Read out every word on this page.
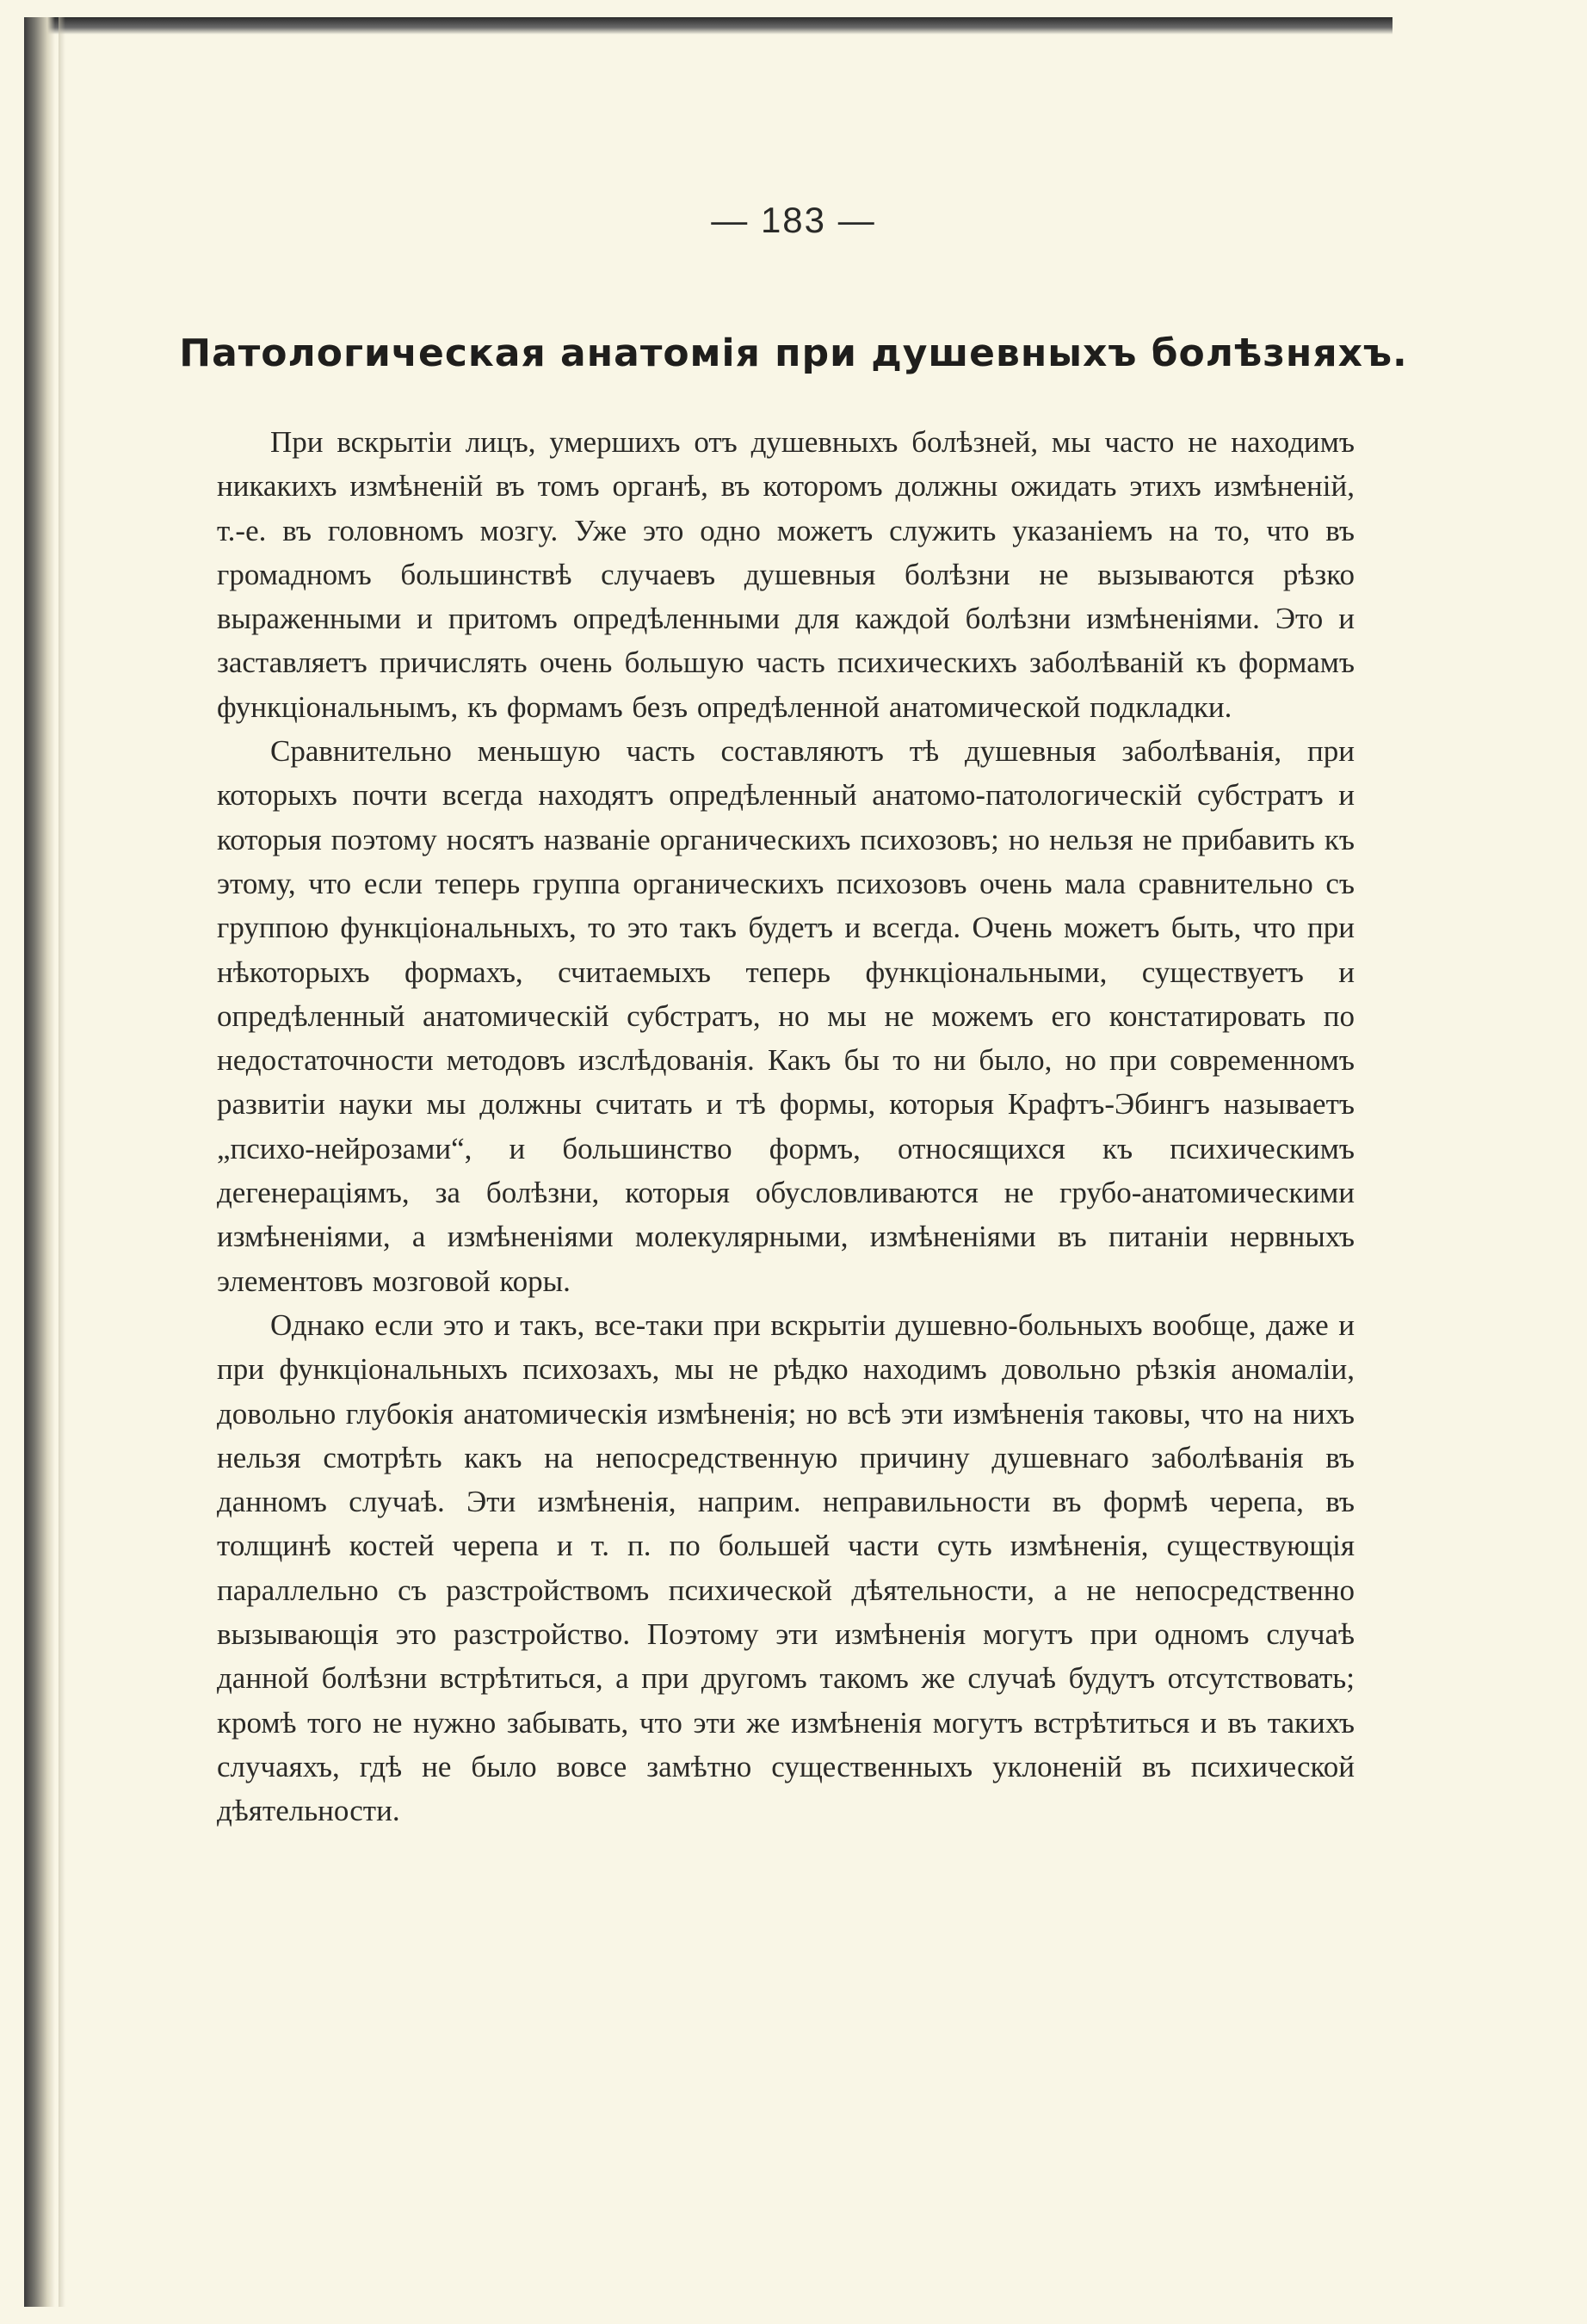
— 183 —
Патологическая анатомія при душевныхъ болѣзняхъ.

При вскрытіи лицъ, умершихъ отъ душевныхъ болѣзней, мы часто не находимъ никакихъ измѣненій въ томъ органѣ, въ которомъ должны ожидать этихъ измѣненій, т.-е. въ головномъ мозгу. Уже это одно можетъ служить указаніемъ на то, что въ громадномъ большинствѣ случаевъ душевныя болѣзни не вызываются рѣзко выраженными и притомъ опредѣленными для каждой болѣзни измѣненіями. Это и заставляетъ причислять очень большую часть психическихъ заболѣваній къ формамъ функціональнымъ, къ формамъ безъ опредѣленной анатомической подкладки.

Сравнительно меньшую часть составляютъ тѣ душевныя заболѣванія, при которыхъ почти всегда находятъ опредѣленный анатомо-патологическій субстратъ и которыя поэтому носятъ названіе органическихъ психозовъ; но нельзя не прибавить къ этому, что если теперь группа органическихъ психозовъ очень мала сравнительно съ группою функціональныхъ, то это такъ будетъ и всегда. Очень можетъ быть, что при нѣкоторыхъ формахъ, считаемыхъ теперь функціональными, существуетъ и опредѣленный анатомическій субстратъ, но мы не можемъ его констатировать по недостаточности методовъ изслѣдованія. Какъ бы то ни было, но при современномъ развитіи науки мы должны считать и тѣ формы, которыя Крафтъ-Эбингъ называетъ „психо-нейрозами“, и большинство формъ, относящихся къ психическимъ дегенераціямъ, за болѣзни, которыя обусловливаются не грубо-анатомическими измѣненіями, а измѣненіями молекулярными, измѣненіями въ питаніи нервныхъ элементовъ мозговой коры.

Однако если это и такъ, все-таки при вскрытіи душевно-больныхъ вообще, даже и при функціональныхъ психозахъ, мы не рѣдко находимъ довольно рѣзкія аномаліи, довольно глубокія анатомическія измѣненія; но всѣ эти измѣненія таковы, что на нихъ нельзя смотрѣть какъ на непосредственную причину душевнаго заболѣванія въ данномъ случаѣ. Эти измѣненія, наприм. неправильности въ формѣ черепа, въ толщинѣ костей черепа и т. п. по большей части суть измѣненія, существующія параллельно съ разстройствомъ психической дѣятельности, а не непосредственно вызывающія это разстройство. Поэтому эти измѣненія могутъ при одномъ случаѣ данной болѣзни встрѣтиться, а при другомъ такомъ же случаѣ будутъ отсутствовать; кромѣ того не нужно забывать, что эти же измѣненія могутъ встрѣтиться и въ такихъ случаяхъ, гдѣ не было вовсе замѣтно существенныхъ уклоненій въ психической дѣятельности.
